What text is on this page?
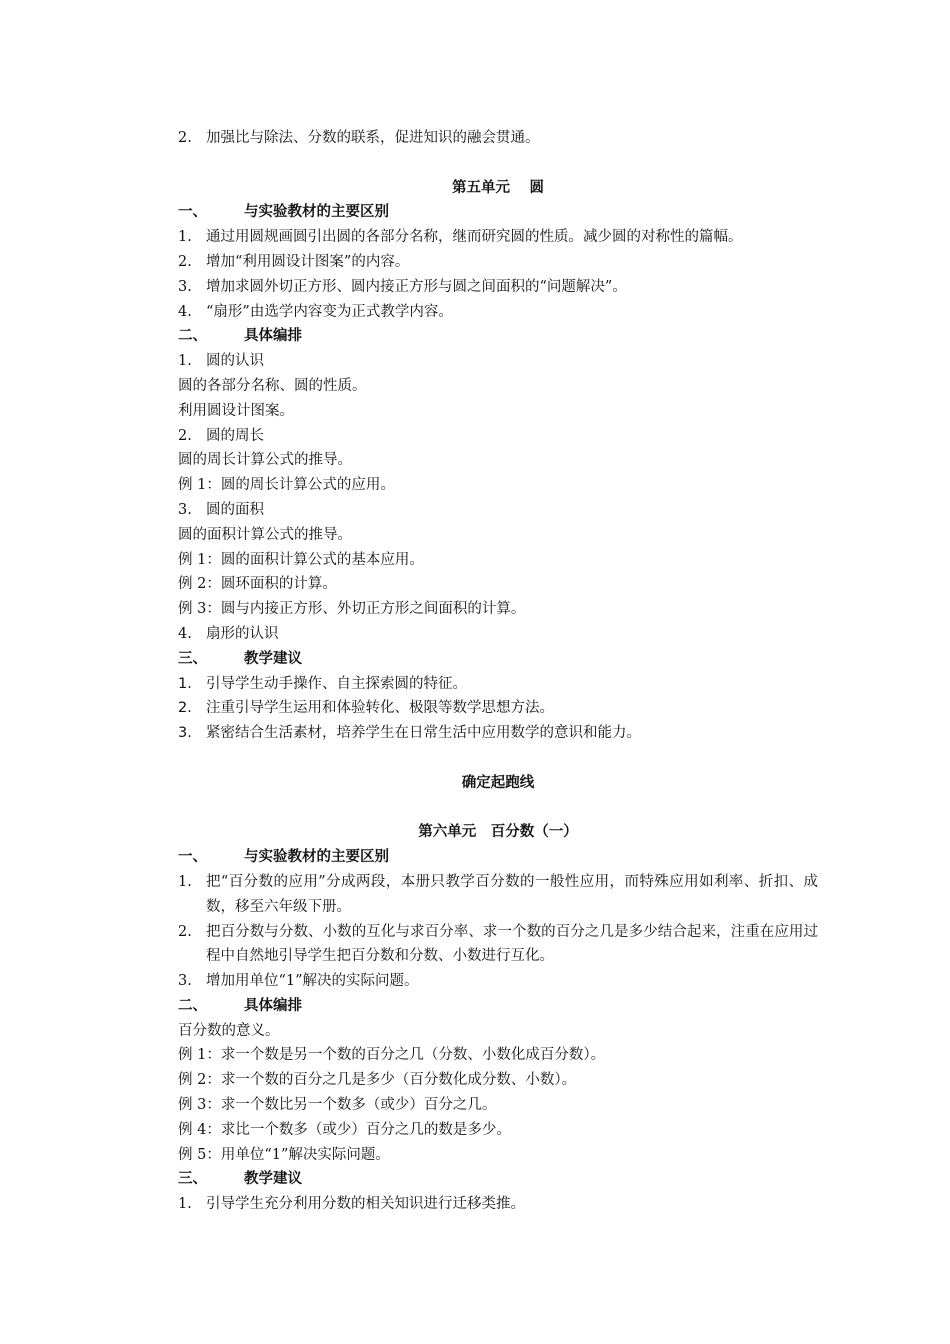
2. 加强比与除法、分数的联系，促进知识的融会贯通。
第五单元　 圆
一、	与实验教材的主要区别
1. 通过用圆规画圆引出圆的各部分名称，继而研究圆的性质。减少圆的对称性的篇幅。
2. 增加“利用圆设计图案”的内容。
3. 增加求圆外切正方形、圆内接正方形与圆之间面积的“问题解决”。
4. “扇形”由选学内容变为正式教学内容。
二、	具体编排
1. 圆的认识
圆的各部分名称、圆的性质。
利用圆设计图案。
2. 圆的周长
圆的周长计算公式的推导。
例 1：圆的周长计算公式的应用。
3. 圆的面积
圆的面积计算公式的推导。
例 1：圆的面积计算公式的基本应用。
例 2：圆环面积的计算。
例 3：圆与内接正方形、外切正方形之间面积的计算。
4. 扇形的认识
三、	教学建议
1. 引导学生动手操作、自主探索圆的特征。
2. 注重引导学生运用和体验转化、极限等数学思想方法。
3. 紧密结合生活素材，培养学生在日常生活中应用数学的意识和能力。
确定起跑线
第六单元　百分数（一）
一、	与实验教材的主要区别
1. 把“百分数的应用”分成两段，本册只教学百分数的一般性应用，而特殊应用如利率、折扣、成数，移至六年级下册。
2. 把百分数与分数、小数的互化与求百分率、求一个数的百分之几是多少结合起来，注重在应用过程中自然地引导学生把百分数和分数、小数进行互化。
3. 增加用单位“1”解决的实际问题。
二、	具体编排
百分数的意义。
例 1：求一个数是另一个数的百分之几（分数、小数化成百分数）。
例 2：求一个数的百分之几是多少（百分数化成分数、小数）。
例 3：求一个数比另一个数多（或少）百分之几。
例 4：求比一个数多（或少）百分之几的数是多少。
例 5：用单位“1”解决实际问题。
三、	教学建议
1. 引导学生充分利用分数的相关知识进行迁移类推。
